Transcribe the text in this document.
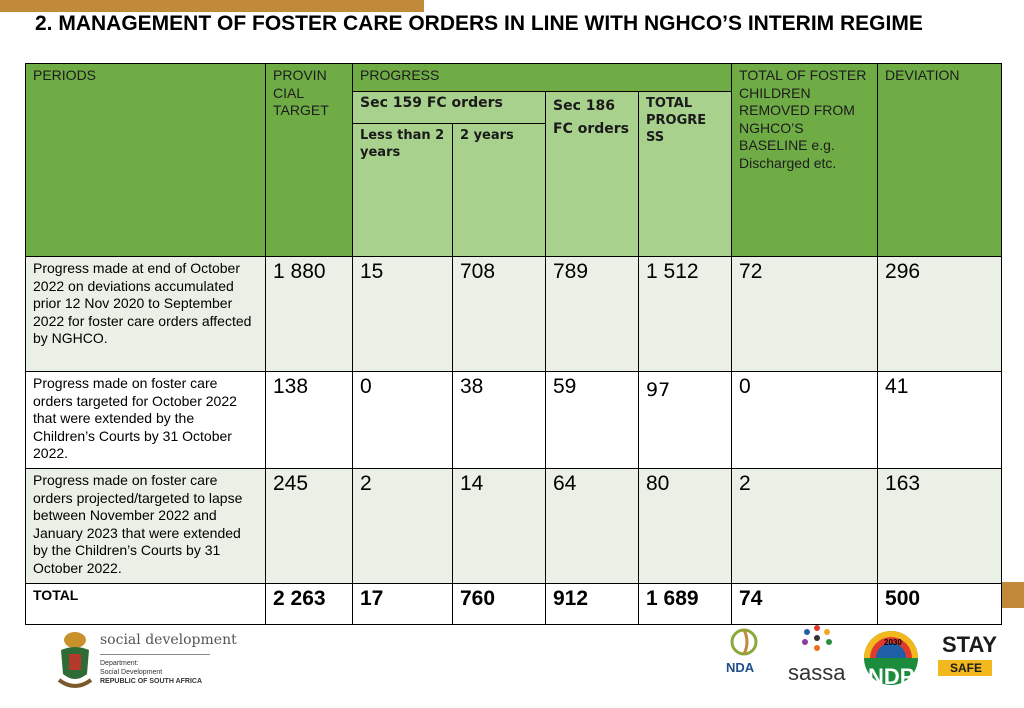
2. MANAGEMENT OF FOSTER CARE ORDERS IN LINE WITH NGHCO’S INTERIM REGIME
PERIODS	PROVIN CIAL TARGET	PROGRESS				TOTAL OF FOSTER CHILDREN REMOVED FROM NGHCO’S BASELINE e.g. Discharged etc.	DEVIATION
		Sec 159 FC orders		Sec 186 FC orders	TOTAL PROGRE SS		
		Less than 2 years	2 years				
Progress made at end of October 2022 on deviations accumulated prior 12 Nov 2020 to September 2022 for foster care orders affected by NGHCO.	1 880	15	708	789	1 512	72	296
Progress made on foster care orders targeted for October 2022 that were extended by the Children’s Courts by 31 October 2022.	138	0	38	59	97	0	41
Progress made on foster care orders projected/targeted to lapse between November 2022 and January 2023 that were extended by the Children’s Courts by 31 October 2022.	245	2	14	64	80	2	163
TOTAL	2 263	17	760	912	1 689	74	500
social development
Department:
Social Development
REPUBLIC OF SOUTH AFRICA
NDA sassa
2030
NDP
STAY
SAFE
